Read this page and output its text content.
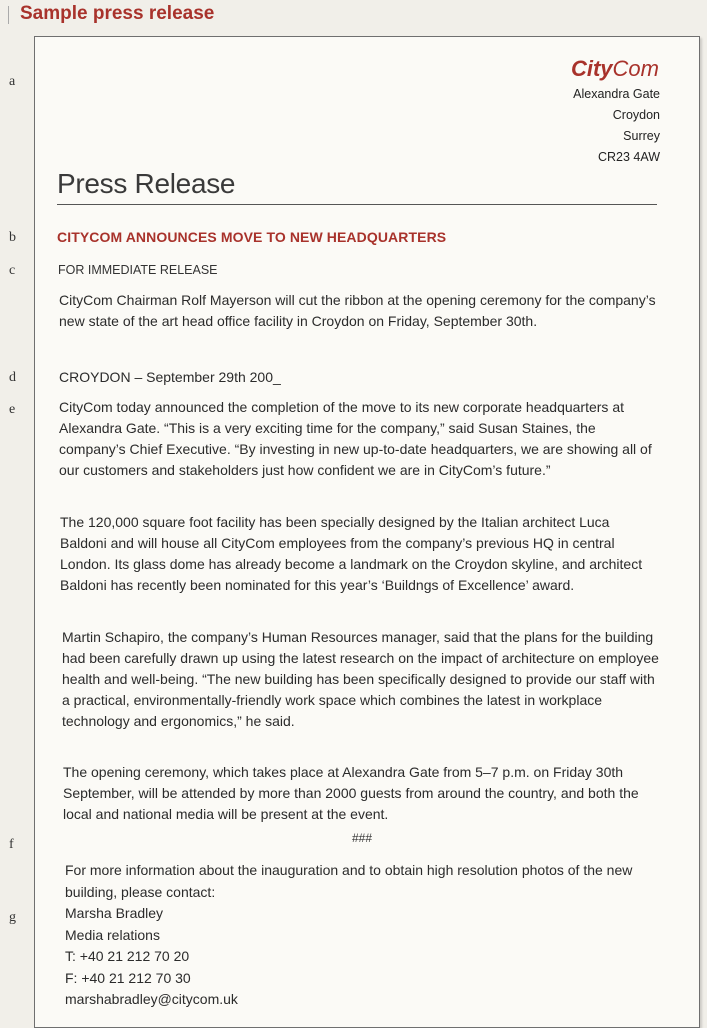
Sample press release
a
b
c
d
e
f
g
CityCom
Alexandra Gate
Croydon
Surrey
CR23 4AW
Press Release
CITYCOM ANNOUNCES MOVE TO NEW HEADQUARTERS
FOR IMMEDIATE RELEASE
CityCom Chairman Rolf Mayerson will cut the ribbon at the opening ceremony for the company’s new state of the art head office facility in Croydon on Friday, September 30th.
CROYDON – September 29th 200_
CityCom today announced the completion of the move to its new corporate headquarters at Alexandra Gate. “This is a very exciting time for the company,” said Susan Staines, the company’s Chief Executive. “By investing in new up-to-date headquarters, we are showing all of our customers and stakeholders just how confident we are in CityCom’s future.”
The 120,000 square foot facility has been specially designed by the Italian architect Luca Baldoni and will house all CityCom employees from the company’s previous HQ in central London. Its glass dome has already become a landmark on the Croydon skyline, and architect Baldoni has recently been nominated for this year’s ‘Buildngs of Excellence’ award.
Martin Schapiro, the company’s Human Resources manager, said that the plans for the building had been carefully drawn up using the latest research on the impact of architecture on employee health and well-being. “The new building has been specifically designed to provide our staff with a practical, environmentally-friendly work space which combines the latest in workplace technology and ergonomics,” he said.
The opening ceremony, which takes place at Alexandra Gate from 5–7 p.m. on Friday 30th September, will be attended by more than 2000 guests from around the country, and both the local and national media will be present at the event.
###
For more information about the inauguration and to obtain high resolution photos of the new building, please contact:
Marsha Bradley
Media relations
T: +40 21 212 70 20
F: +40 21 212 70 30
marshabradley@citycom.uk
